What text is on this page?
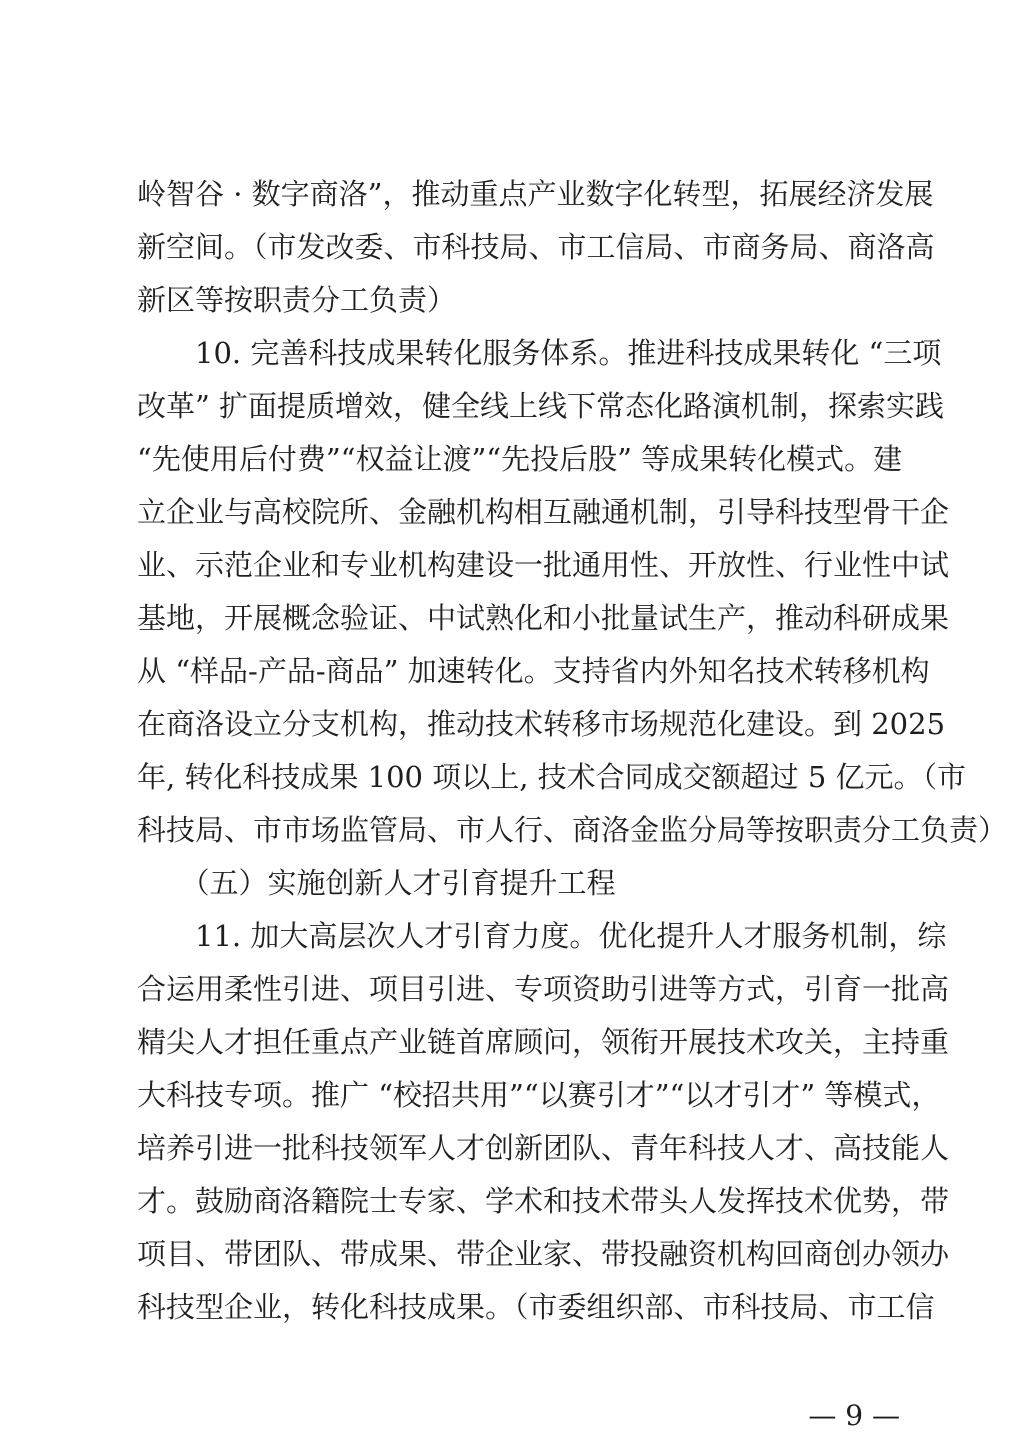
岭智谷 · 数字商洛”，推动重点产业数字化转型，拓展经济发展
新空间。（市发改委、市科技局、市工信局、市商务局、商洛高
新区等按职责分工负责）
　　10. 完善科技成果转化服务体系。推进科技成果转化 “三项
改革” 扩面提质增效，健全线上线下常态化路演机制，探索实践
“先使用后付费”“权益让渡”“先投后股” 等成果转化模式。建
立企业与高校院所、金融机构相互融通机制，引导科技型骨干企
业、示范企业和专业机构建设一批通用性、开放性、行业性中试
基地，开展概念验证、中试熟化和小批量试生产，推动科研成果
从 “样品-产品-商品” 加速转化。支持省内外知名技术转移机构
在商洛设立分支机构，推动技术转移市场规范化建设。到 2025
年, 转化科技成果 100 项以上, 技术合同成交额超过 5 亿元。（市
科技局、市市场监管局、市人行、商洛金监分局等按职责分工负责）
　　（五）实施创新人才引育提升工程
　　11. 加大高层次人才引育力度。优化提升人才服务机制，综
合运用柔性引进、项目引进、专项资助引进等方式，引育一批高
精尖人才担任重点产业链首席顾问，领衔开展技术攻关，主持重
大科技专项。推广 “校招共用”“以赛引才”“以才引才” 等模式，
培养引进一批科技领军人才创新团队、青年科技人才、高技能人
才。鼓励商洛籍院士专家、学术和技术带头人发挥技术优势，带
项目、带团队、带成果、带企业家、带投融资机构回商创办领办
科技型企业，转化科技成果。（市委组织部、市科技局、市工信
— 9 —
